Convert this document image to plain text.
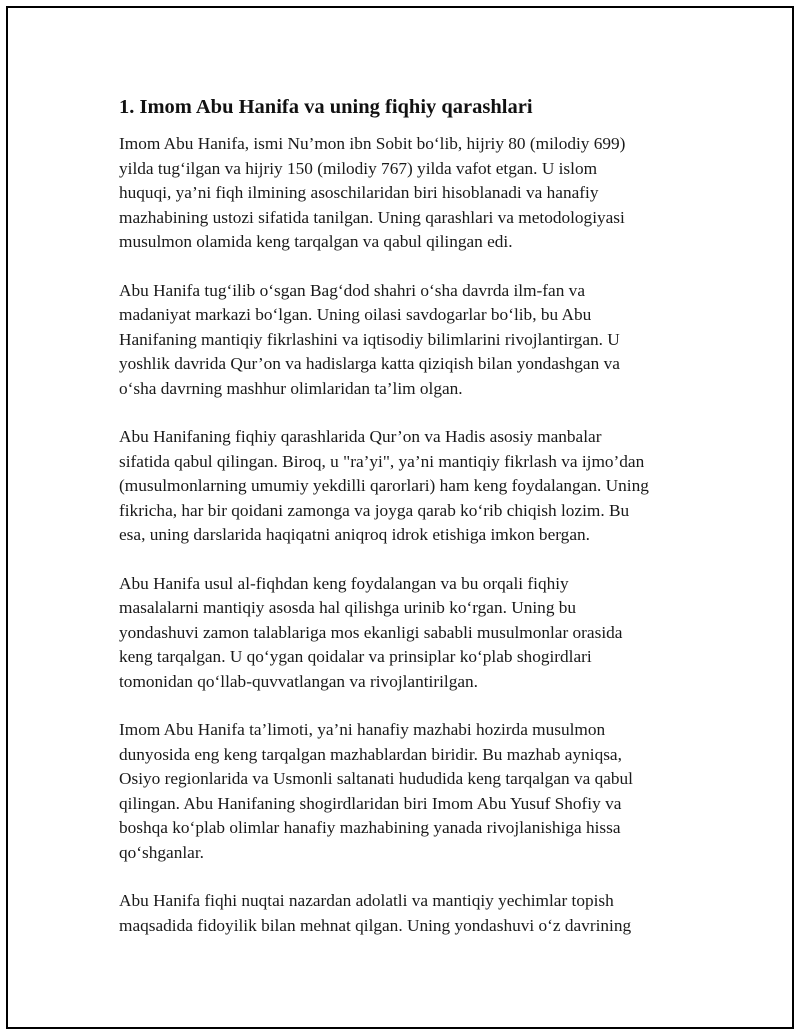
1. Imom Abu Hanifa va uning fiqhiy qarashlari

Imom Abu Hanifa, ismi Nu’mon ibn Sobit bo‘lib, hijriy 80 (milodiy 699)
yilda tug‘ilgan va hijriy 150 (milodiy 767) yilda vafot etgan. U islom
huquqi, ya’ni fiqh ilmining asoschilaridan biri hisoblanadi va hanafiy
mazhabining ustozi sifatida tanilgan. Uning qarashlari va metodologiyasi
musulmon olamida keng tarqalgan va qabul qilingan edi.

Abu Hanifa tug‘ilib o‘sgan Bag‘dod shahri o‘sha davrda ilm-fan va
madaniyat markazi bo‘lgan. Uning oilasi savdogarlar bo‘lib, bu Abu
Hanifaning mantiqiy fikrlashini va iqtisodiy bilimlarini rivojlantirgan. U
yoshlik davrida Qur’on va hadislarga katta qiziqish bilan yondashgan va
o‘sha davrning mashhur olimlaridan ta’lim olgan.

Abu Hanifaning fiqhiy qarashlarida Qur’on va Hadis asosiy manbalar
sifatida qabul qilingan. Biroq, u "ra’yi", ya’ni mantiqiy fikrlash va ijmo’dan
(musulmonlarning umumiy yekdilli qarorlari) ham keng foydalangan. Uning
fikricha, har bir qoidani zamonga va joyga qarab ko‘rib chiqish lozim. Bu
esa, uning darslarida haqiqatni aniqroq idrok etishiga imkon bergan.

Abu Hanifa usul al-fiqhdan keng foydalangan va bu orqali fiqhiy
masalalarni mantiqiy asosda hal qilishga urinib ko‘rgan. Uning bu
yondashuvi zamon talablariga mos ekanligi sababli musulmonlar orasida
keng tarqalgan. U qo‘ygan qoidalar va prinsiplar ko‘plab shogirdlari
tomonidan qo‘llab-quvvatlangan va rivojlantirilgan.

Imom Abu Hanifa ta’limoti, ya’ni hanafiy mazhabi hozirda musulmon
dunyosida eng keng tarqalgan mazhablardan biridir. Bu mazhab ayniqsa,
Osiyo regionlarida va Usmonli saltanati hududida keng tarqalgan va qabul
qilingan. Abu Hanifaning shogirdlaridan biri Imom Abu Yusuf Shofiy va
boshqa ko‘plab olimlar hanafiy mazhabining yanada rivojlanishiga hissa
qo‘shganlar.

Abu Hanifa fiqhi nuqtai nazardan adolatli va mantiqiy yechimlar topish
maqsadida fidoyilik bilan mehnat qilgan. Uning yondashuvi o‘z davrining
